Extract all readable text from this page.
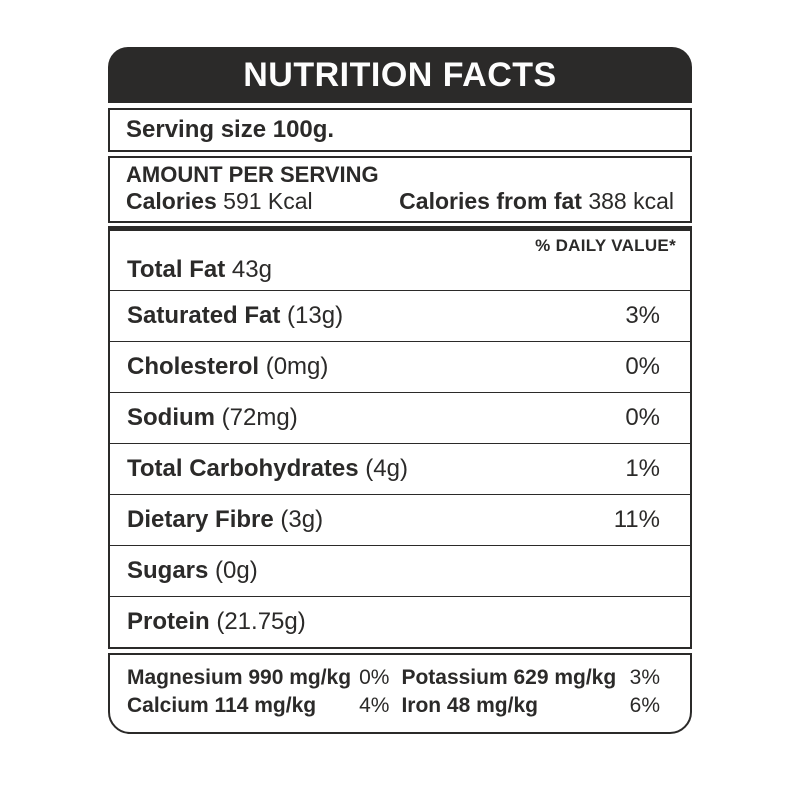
NUTRITION FACTS
Serving size 100g.
AMOUNT PER SERVING
Calories 591 Kcal	Calories from fat 388 kcal
% DAILY VALUE*
Total Fat 43g
Saturated Fat (13g)	3%
Cholesterol (0mg)	0%
Sodium (72mg)	0%
Total Carbohydrates (4g)	1%
Dietary Fibre (3g)	11%
Sugars (0g)
Protein (21.75g)
Magnesium 990 mg/kg 0% Potassium 629 mg/kg 3%
Calcium 114 mg/kg	4% Iron 48 mg/kg	6%
